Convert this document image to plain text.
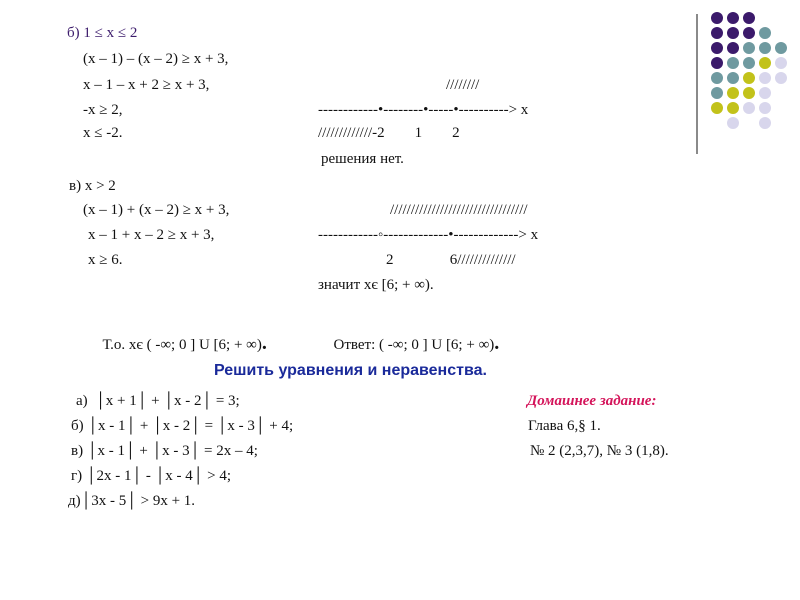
б) 1 ≤ x ≤ 2
(x – 1) – (x – 2) ≥ x + 3,
x – 1 – x + 2 ≥ x + 3,
-x ≥ 2,
x ≤ -2.
////////
------------•--------•-----•----------> x
/////////////-2        1        2
решения нет.
в) x > 2
(x – 1) + (x – 2) ≥ x + 3,
x – 1 + x – 2 ≥ x + 3,
x ≥ 6.
/////////////////////////////////
------------◦-------------•-------------> x
2               6//////////////
значит xє [6; + ∞).

Т.о. xє ( -∞; 0 ] U [6; + ∞).	Ответ: ( -∞; 0 ] U [6; + ∞).

Решить уравнения и неравенства.
а)  │x + 1│ + │x - 2│ = 3;
б) │x - 1│ + │x - 2│ = │x - 3│ + 4;
в) │x - 1│ + │x - 3│ = 2x – 4;
г) │2x - 1│ - │x - 4│ > 4;
д)│3x - 5│ > 9x + 1.
Домашнее задание:
Глава 6,§ 1.
№ 2 (2,3,7), № 3 (1,8).
